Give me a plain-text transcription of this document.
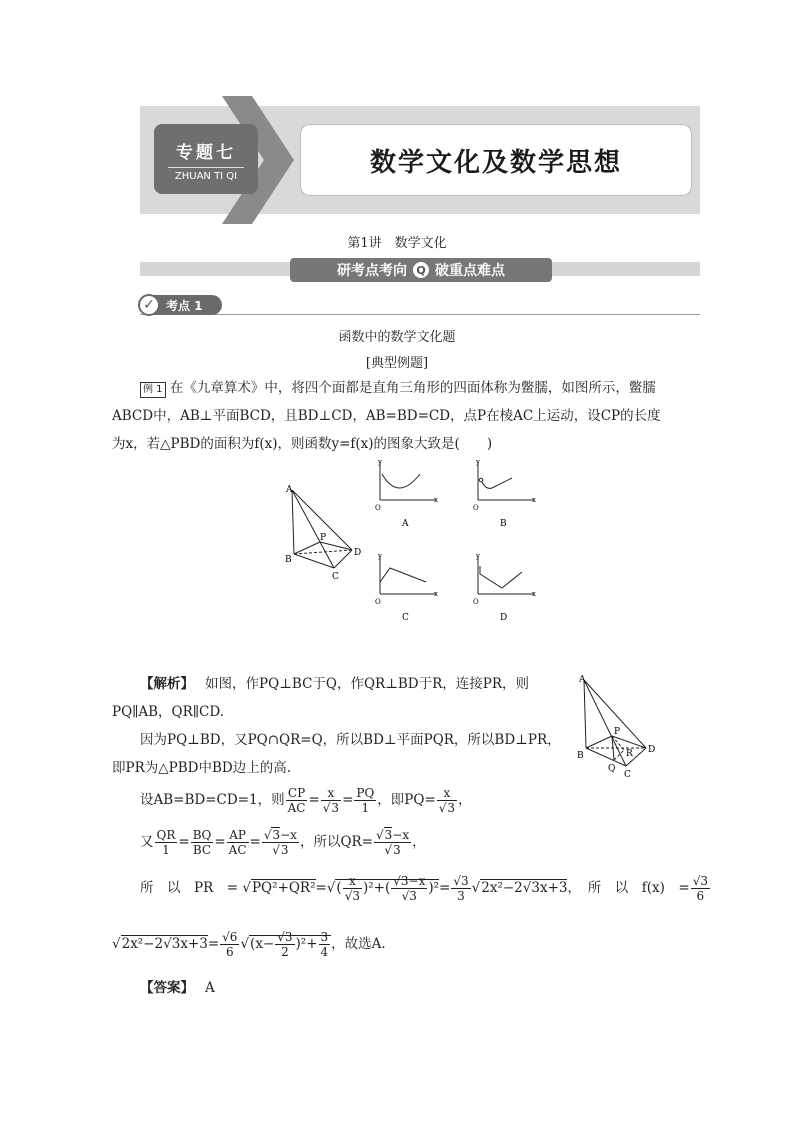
专题七
ZHUAN TI QI	数学文化及数学思想
第1讲　数学文化
研考点考向 Q 破重点难点
✓ 考点 1
函数中的数学文化题
[典型例题]
例 1 在《九章算术》中，将四个面都是直角三角形的四面体称为鳖臑，如图所示，鳖臑
ABCD中，AB⊥平面BCD，且BD⊥CD，AB=BD=CD，点P在棱AC上运动，设CP的长度
为x，若△PBD的面积为f(x)，则函数y=f(x)的图象大致是(　　)
A
B
C
D
P
y
x
O
A
y
x
O
B
y
x
O
C
y
x
O
D
【解析】　 如图，作PQ⊥BC于Q，作QR⊥BD于R，连接PR，则
PQ∥AB，QR∥CD.
因为PQ⊥BD，又PQ∩QR=Q，所以BD⊥平面PQR，所以BD⊥PR，
即PR为△PBD中BD边上的高.
A
B
C
D
P
Q
R
设AB=BD=CD=1，则 $\frac{CP}{AC} = \frac{x}{√3} = \frac{PQ}{1}$ ，即$PQ= \frac{x}{√3}$ ，
又 $\frac{QR}{1} = \frac{BQ}{BC} = \frac{AP}{AC} = \frac{√3-x}{√3}$ ，所以$QR= \frac{√3-x}{√3}$ ，
所　以　PR　= $√PQ^2+QR^2=√( \frac{x}{√3} )^2+( \frac{√3-x}{√3} )^2= \frac{√3}{3} √2x^2-2√3x+3$，　所　以　f(x)　= $\frac{√3}{6}$
$√2x^2-2√3x+3= \frac{√6}{6} √(x- \frac{√3}{2} )^2+ \frac{3}{4}$ ，故选A.
【答案】　 A
